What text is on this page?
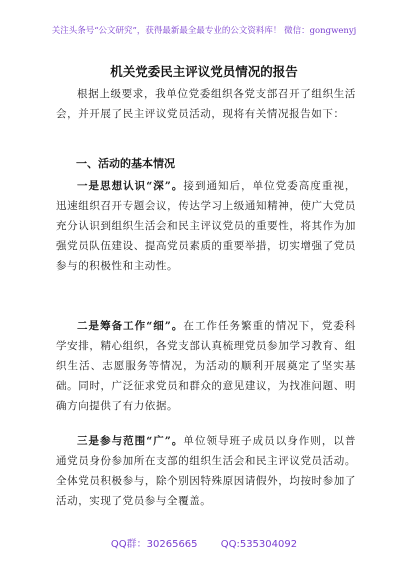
关注头条号“公文研究”，获得最新最全最专业的公文资料库！ 微信：gongwenyj
机关党委民主评议党员情况的报告
根据上级要求，我单位党委组织各党支部召开了组织生活会，并开展了民主评议党员活动，现将有关情况报告如下：
一、活动的基本情况
一是思想认识“深”。接到通知后，单位党委高度重视，迅速组织召开专题会议，传达学习上级通知精神，使广大党员充分认识到组织生活会和民主评议党员的重要性，将其作为加强党员队伍建设、提高党员素质的重要举措，切实增强了党员参与的积极性和主动性。
二是筹备工作“细”。在工作任务繁重的情况下，党委科学安排，精心组织，各党支部认真梳理党员参加学习教育、组织生活、志愿服务等情况，为活动的顺利开展奠定了坚实基础。同时，广泛征求党员和群众的意见建议，为找准问题、明确方向提供了有力依据。
三是参与范围“广”。单位领导班子成员以身作则，以普通党员身份参加所在支部的组织生活会和民主评议党员活动。全体党员积极参与，除个别因特殊原因请假外，均按时参加了活动，实现了党员参与全覆盖。
QQ群：30265665 QQ:535304092
